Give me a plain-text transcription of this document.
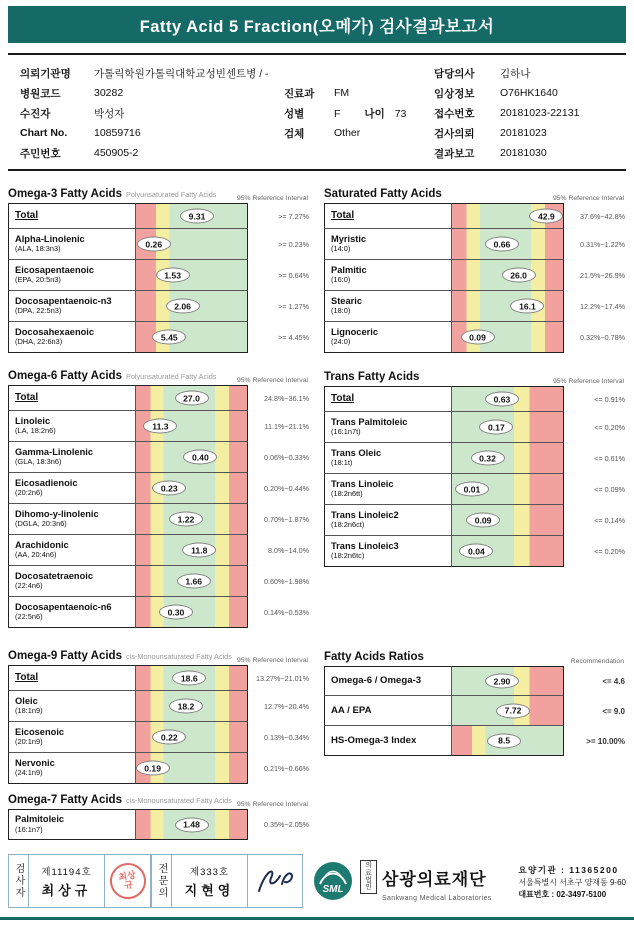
Fatty Acid 5 Fraction(오메가) 검사결과보고서
의뢰기관명	가톨릭학원가톨릭대학교성빈센트병 / -	담당의사	김하나
병원코드	30282	진료과	FM	임상정보	O76HK1640
수진자	박성자	성별	F 나이 73	접수번호	20181023-22131
Chart No.	10859716	검체	Other	검사의뢰	20181023
주민번호	450905-2	결과보고	20181030
Omega-3 Fatty Acids Polyunsaturated Fatty Acids	95% Reference Interval
Total	9.31	>= 7.27%
Alpha-Linolenic
(ALA, 18:3n3)	0.26	>= 0.23%
Eicosapentaenoic
(EPA, 20:5n3)	1.53	>= 0.64%
Docosapentaenoic-n3
(DPA, 22:5n3)	2.06	>= 1.27%
Docosahexaenoic
(DHA, 22:6n3)	5.45	>= 4.45%
Omega-6 Fatty Acids Polyunsaturated Fatty Acids	95% Reference Interval
Total	27.0	24.8%~36.1%
Linoleic
(LA, 18:2n6)	11.3	11.1%~21.1%
Gamma-Linolenic
(GLA, 18:3n6)	0.40	0.06%~0.33%
Eicosadienoic
(20:2n6)	0.23	0.20%~0.44%
Dihomo-y-linolenic
(DGLA, 20:3n6)	1.22	0.70%~1.87%
Arachidonic
(AA, 20:4n6)	11.8	8.0%~14.0%
Docosatetraenoic
(22:4n6)	1.66	0.60%~1.98%
Docosapentaenoic-n6
(22:5n6)	0.30	0.14%~0.53%
Omega-9 Fatty Acids cis-Monounsaturated Fatty Acids 95% Reference Interval
Total	18.6	13.27%~21.01%
Oleic
(18:1n9)	18.2	12.7%~20.4%
Eicosenoic
(20:1n9)	0.22	0.13%~0.34%
Nervonic
(24:1n9)	0.19	0.21%~0.66%
Omega-7 Fatty Acids cis-Monounsaturated Fatty Acids 95% Reference Interval
Palmitoleic
(16:1n7)	1.48	0.35%~2.05%
Saturated Fatty Acids	95% Reference Interval
Total	42.9	37.6%~42.8%
Myristic
(14:0)	0.66	0.31%~1.22%
Palmitic
(16:0)	26.0	21.5%~26.9%
Stearic
(18:0)	16.1	12.2%~17.4%
Lignoceric
(24:0)	0.09	0.32%~0.78%
Trans Fatty Acids	95% Reference Interval
Total	0.63	<= 0.91%
Trans Palmitoleic
(16:1n7t)	0.17	<= 0.20%
Trans Oleic
(18:1t)	0.32	<= 0.61%
Trans Linoleic
(18:2n6tt)	0.01	<= 0.09%
Trans Linoleic2
(18:2n6ct)	0.09	<= 0.14%
Trans Linoleic3
(18:2n6tc)	0.04	<= 0.20%
Fatty Acids Ratios	Recommendation
Omega-6 / Omega-3	2.90	<= 4.6
AA / EPA	7.72	<= 9.0
HS-Omega-3 Index	8.5	>= 10.00%
검사자	제11194호
최상규
최상규	전문의	제333호
지현영	SML
의료법인 삼광의료재단
Sankwang Medical Laboratories
요양기관 : 11365200
서울특별시 서초구 양재동 9-60
대표번호 : 02-3497-5100
